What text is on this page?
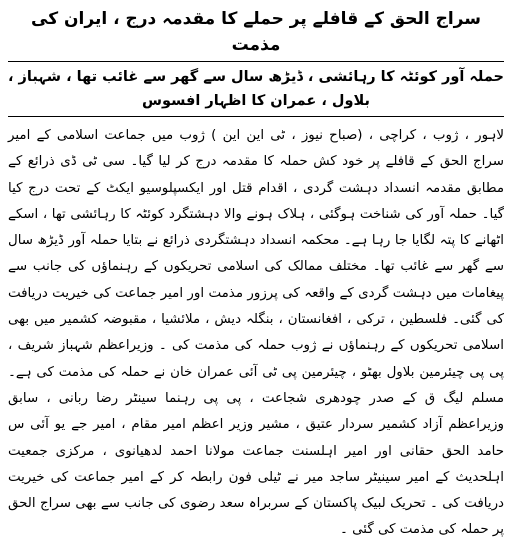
سراج الحق کے قافلے پر حملے کا مقدمہ درج ، ایران کی مذمت
حملہ آور کوئٹہ کا رہائشی ، ڈیڑھ سال سے گھر سے غائب تھا ، شہباز ، بلاول ، عمران کا اظہار افسوس

لاہور ، ژوب ، کراچی ، (صباح نیوز ، ٹی این این ) ژوب میں جماعت اسلامی کے امیر سراج الحق کے قافلے پر خود کش حملہ کا مقدمہ درج کر لیا گیا۔ سی ٹی ڈی ذرائع کے مطابق مقدمہ انسداد دہشت گردی ، اقدام قتل اور ایکسپلوسیو ایکٹ کے تحت درج کیا گیا۔ حملہ آور کی شناخت ہوگئی ، ہلاک ہونے والا دہشتگرد کوئٹہ کا رہائشی تھا ، اسکے اٹھانے کا پتہ لگایا جا رہا ہے۔ محکمہ انسداد دہشتگردی ذرائع نے بتایا حملہ آور ڈیڑھ سال سے گھر سے غائب تھا۔ مختلف ممالک کی اسلامی تحریکوں کے رہنماؤں کی جانب سے پیغامات میں دہشت گردی کے واقعہ کی پرزور مذمت اور امیر جماعت کی خیریت دریافت کی گئی۔ فلسطین ، ترکی ، افغانستان ، بنگلہ دیش ، ملائشیا ، مقبوضہ کشمیر میں بھی اسلامی تحریکوں کے رہنماؤں نے ژوب حملہ کی مذمت کی ۔ وزیراعظم شہباز شریف ، پی پی چیئرمین بلاول بھٹو ، چیئرمین پی ٹی آئی عمران خان نے حملہ کی مذمت کی ہے۔ مسلم لیگ ق کے صدر چودھری شجاعت ، پی پی رہنما سینٹر رضا ربانی ، سابق وزیراعظم آزاد کشمیر سردار عتیق ، مشیر وزیر اعظم امیر مقام ، امیر جے یو آئی س حامد الحق حقانی اور امیر اہلسنت جماعت مولانا احمد لدھیانوی ، مرکزی جمعیت اہلحدیث کے امیر سینیٹر ساجد میر نے ٹیلی فون رابطہ کر کے امیر جماعت کی خیریت دریافت کی ۔ تحریک لبیک پاکستان کے سربراہ سعد رضوی کی جانب سے بھی سراج الحق پر حملہ کی مذمت کی گئی ۔
